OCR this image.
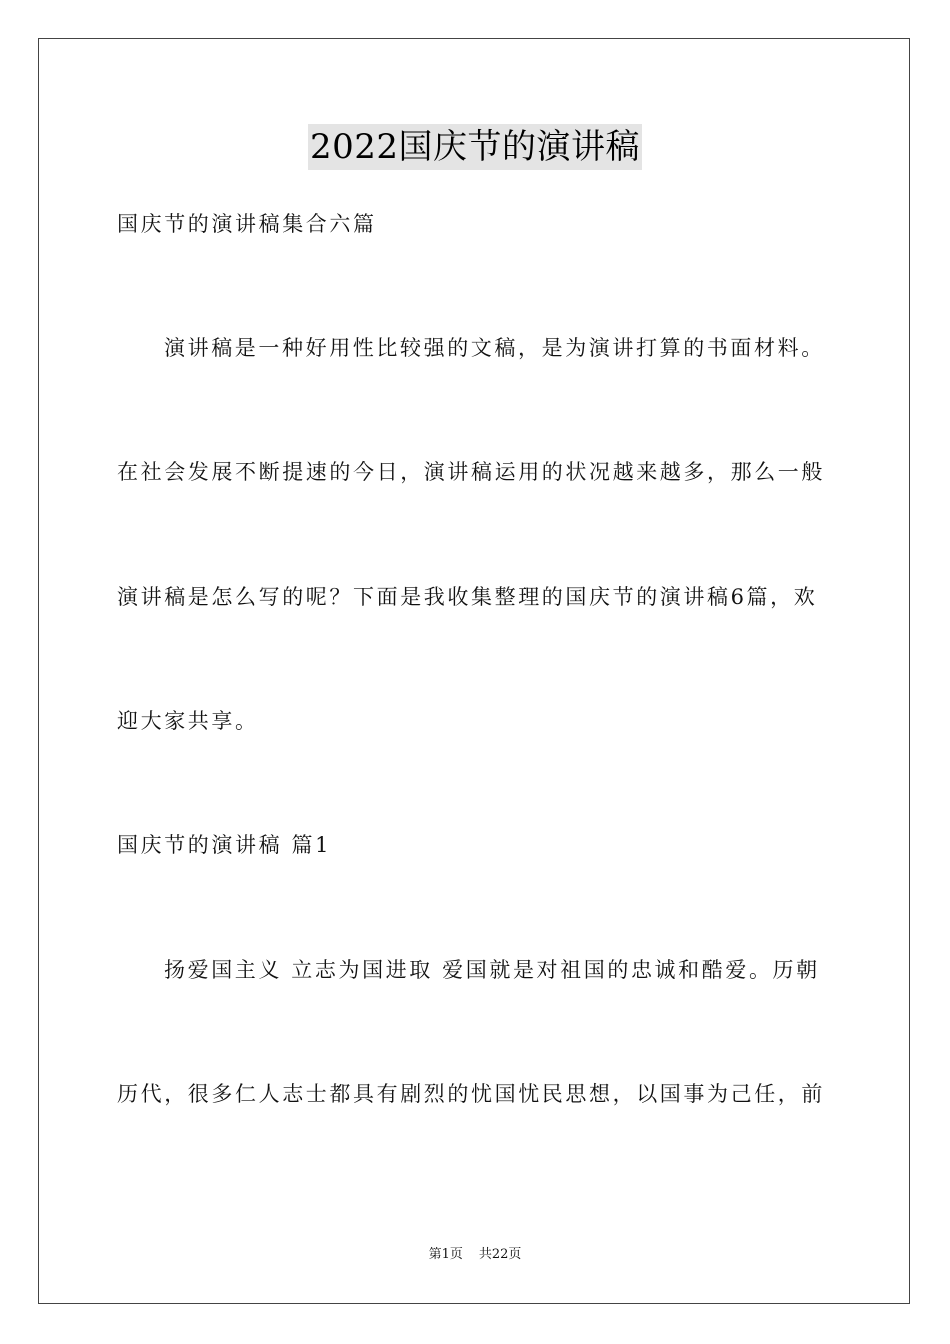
2022国庆节的演讲稿
国庆节的演讲稿集合六篇
演讲稿是一种好用性比较强的文稿，是为演讲打算的书面材料。
在社会发展不断提速的今日，演讲稿运用的状况越来越多，那么一般
演讲稿是怎么写的呢？下面是我收集整理的国庆节的演讲稿6篇，欢
迎大家共享。
国庆节的演讲稿 篇1
扬爱国主义 立志为国进取 爱国就是对祖国的忠诚和酷爱。历朝
历代，很多仁人志士都具有剧烈的忧国忧民思想，以国事为己任，前
第1页 共22页
